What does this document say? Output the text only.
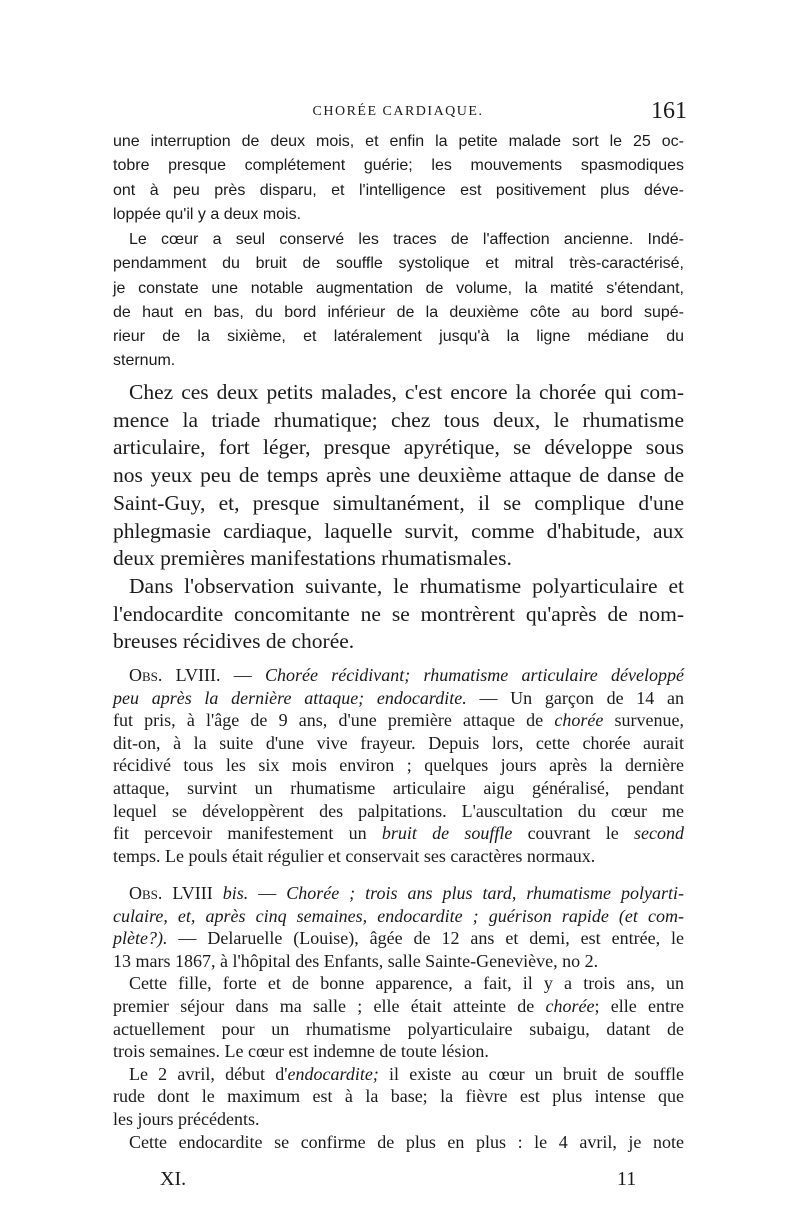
CHORÉE CARDIAQUE.	161
une interruption de deux mois, et enfin la petite malade sort le 25 oc-
tobre presque complétement guérie; les mouvements spasmodiques
ont à peu près disparu, et l'intelligence est positivement plus déve-
loppée qu'il y a deux mois.
Le cœur a seul conservé les traces de l'affection ancienne. Indé-
pendamment du bruit de souffle systolique et mitral très-caractérisé,
je constate une notable augmentation de volume, la matité s'étendant,
de haut en bas, du bord inférieur de la deuxième côte au bord supé-
rieur de la sixième, et latéralement jusqu'à la ligne médiane du
sternum.
Chez ces deux petits malades, c'est encore la chorée qui com-
mence la triade rhumatique; chez tous deux, le rhumatisme
articulaire, fort léger, presque apyrétique, se développe sous
nos yeux peu de temps après une deuxième attaque de danse de
Saint-Guy, et, presque simultanément, il se complique d'une
phlegmasie cardiaque, laquelle survit, comme d'habitude, aux
deux premières manifestations rhumatismales.
Dans l'observation suivante, le rhumatisme polyarticulaire et
l'endocardite concomitante ne se montrèrent qu'après de nom-
breuses récidives de chorée.
Obs. LVIII. — Chorée récidivant; rhumatisme articulaire développé
peu après la dernière attaque; endocardite. — Un garçon de 14 an
fut pris, à l'âge de 9 ans, d'une première attaque de chorée survenue,
dit-on, à la suite d'une vive frayeur. Depuis lors, cette chorée aurait
récidivé tous les six mois environ ; quelques jours après la dernière
attaque, survint un rhumatisme articulaire aigu généralisé, pendant
lequel se développèrent des palpitations. L'auscultation du cœur me
fit percevoir manifestement un bruit de souffle couvrant le second
temps. Le pouls était régulier et conservait ses caractères normaux.
Obs. LVIII bis. — Chorée ; trois ans plus tard, rhumatisme polyarti-
culaire, et, après cinq semaines, endocardite ; guérison rapide (et com-
plète?). — Delaruelle (Louise), âgée de 12 ans et demi, est entrée, le
13 mars 1867, à l'hôpital des Enfants, salle Sainte-Geneviève, no 2.
Cette fille, forte et de bonne apparence, a fait, il y a trois ans, un
premier séjour dans ma salle ; elle était atteinte de chorée; elle entre
actuellement pour un rhumatisme polyarticulaire subaigu, datant de
trois semaines. Le cœur est indemne de toute lésion.
Le 2 avril, début d'endocardite; il existe au cœur un bruit de souffle
rude dont le maximum est à la base; la fièvre est plus intense que
les jours précédents.
Cette endocardite se confirme de plus en plus : le 4 avril, je note
XI.	11
